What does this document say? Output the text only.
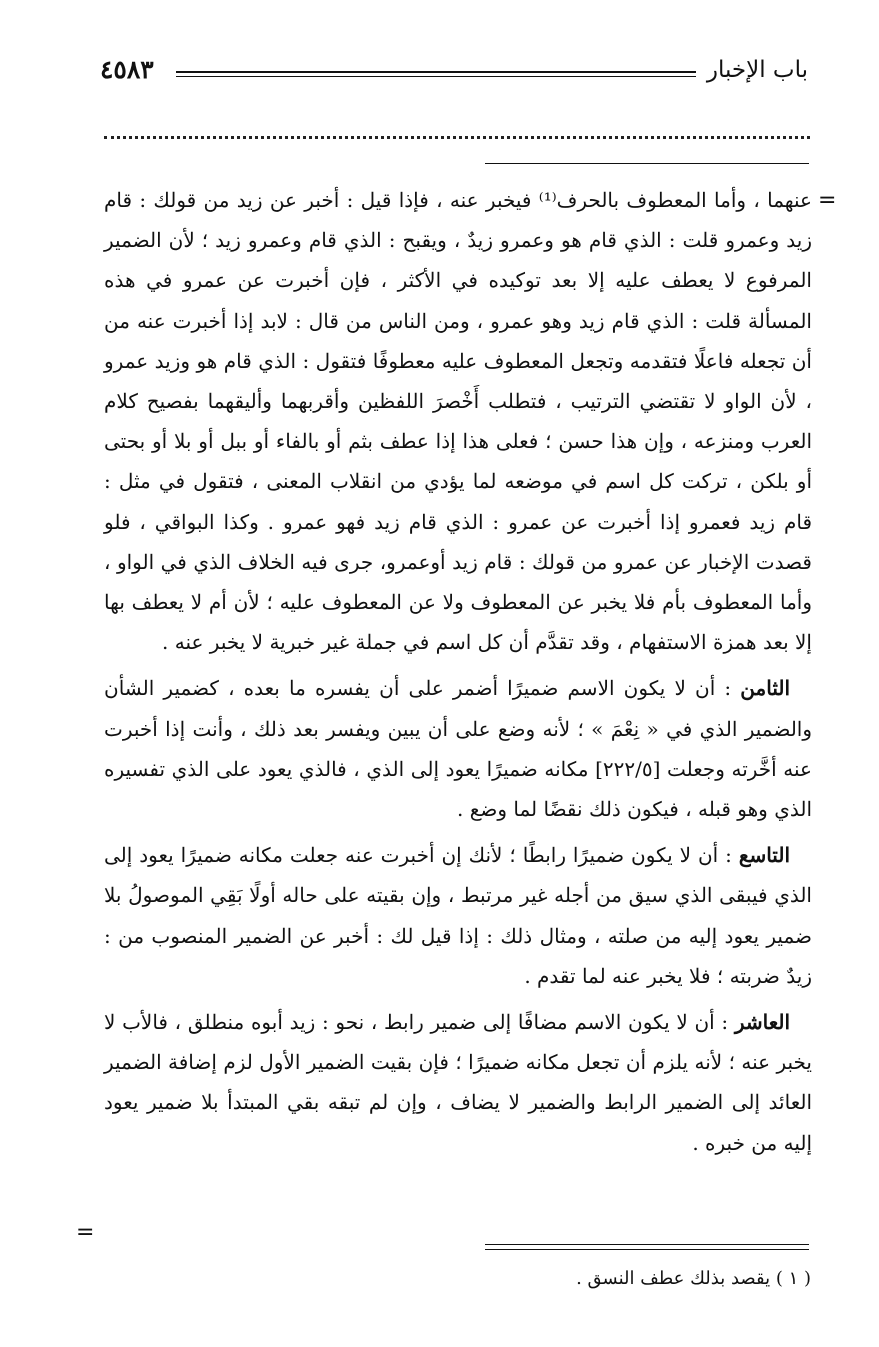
باب الإخبار
٤٥٨٣
=

عنهما ، وأما المعطوف بالحرف⁽¹⁾ فيخبر عنه ، فإذا قيل : أخبر عن زيد من قولك : قام زيد وعمرو قلت : الذي قام هو وعمرو زيدٌ ، ويقبح : الذي قام وعمرو زيد ؛ لأن الضمير المرفوع لا يعطف عليه إلا بعد توكيده في الأكثر ، فإن أخبرت عن عمرو في هذه المسألة قلت : الذي قام زيد وهو عمرو ، ومن الناس من قال : لابد إذا أخبرت عنه من أن تجعله فاعلًا فتقدمه وتجعل المعطوف عليه معطوفًا فتقول : الذي قام هو وزيد عمرو ، لأن الواو لا تقتضي الترتيب ، فتطلب أَخْصرَ اللفظين وأقربهما وأليقهما بفصيح كلام العرب ومنزعه ، وإن هذا حسن ؛ فعلى هذا إذا عطف بثم أو بالفاء أو ببل أو بلا أو بحتى أو بلكن ، تركت كل اسم في موضعه لما يؤدي من انقلاب المعنى ، فتقول في مثل : قام زيد فعمرو إذا أخبرت عن عمرو : الذي قام زيد فهو عمرو . وكذا البواقي ، فلو قصدت الإخبار عن عمرو من قولك : قام زيد أوعمرو، جرى فيه الخلاف الذي في الواو ، وأما المعطوف بأم فلا يخبر عن المعطوف ولا عن المعطوف عليه ؛ لأن أم لا يعطف بها إلا بعد همزة الاستفهام ، وقد تقدَّم أن كل اسم في جملة غير خبرية لا يخبر عنه .

الثامن : أن لا يكون الاسم ضميرًا أضمر على أن يفسره ما بعده ، كضمير الشأن والضمير الذي في « نِعْمَ » ؛ لأنه وضع على أن يبين ويفسر بعد ذلك ، وأنت إذا أخبرت عنه أخَّرته وجعلت [٢٢٢/٥] مكانه ضميرًا يعود إلى الذي ، فالذي يعود على الذي تفسيره الذي وهو قبله ، فيكون ذلك نقضًا لما وضع .

التاسع : أن لا يكون ضميرًا رابطًا ؛ لأنك إن أخبرت عنه جعلت مكانه ضميرًا يعود إلى الذي فيبقى الذي سيق من أجله غير مرتبط ، وإن بقيته على حاله أولًا بَقِي الموصولُ بلا ضمير يعود إليه من صلته ، ومثال ذلك : إذا قيل لك : أخبر عن الضمير المنصوب من : زيدٌ ضربته ؛ فلا يخبر عنه لما تقدم .

العاشر : أن لا يكون الاسم مضافًا إلى ضمير رابط ، نحو : زيد أبوه منطلق ، فالأب لا يخبر عنه ؛ لأنه يلزم أن تجعل مكانه ضميرًا ؛ فإن بقيت الضمير الأول لزم إضافة الضمير العائد إلى الضمير الرابط والضمير لا يضاف ، وإن لم تبقه بقي المبتدأ بلا ضمير يعود إليه من خبره .

=
( ١ ) يقصد بذلك عطف النسق .
